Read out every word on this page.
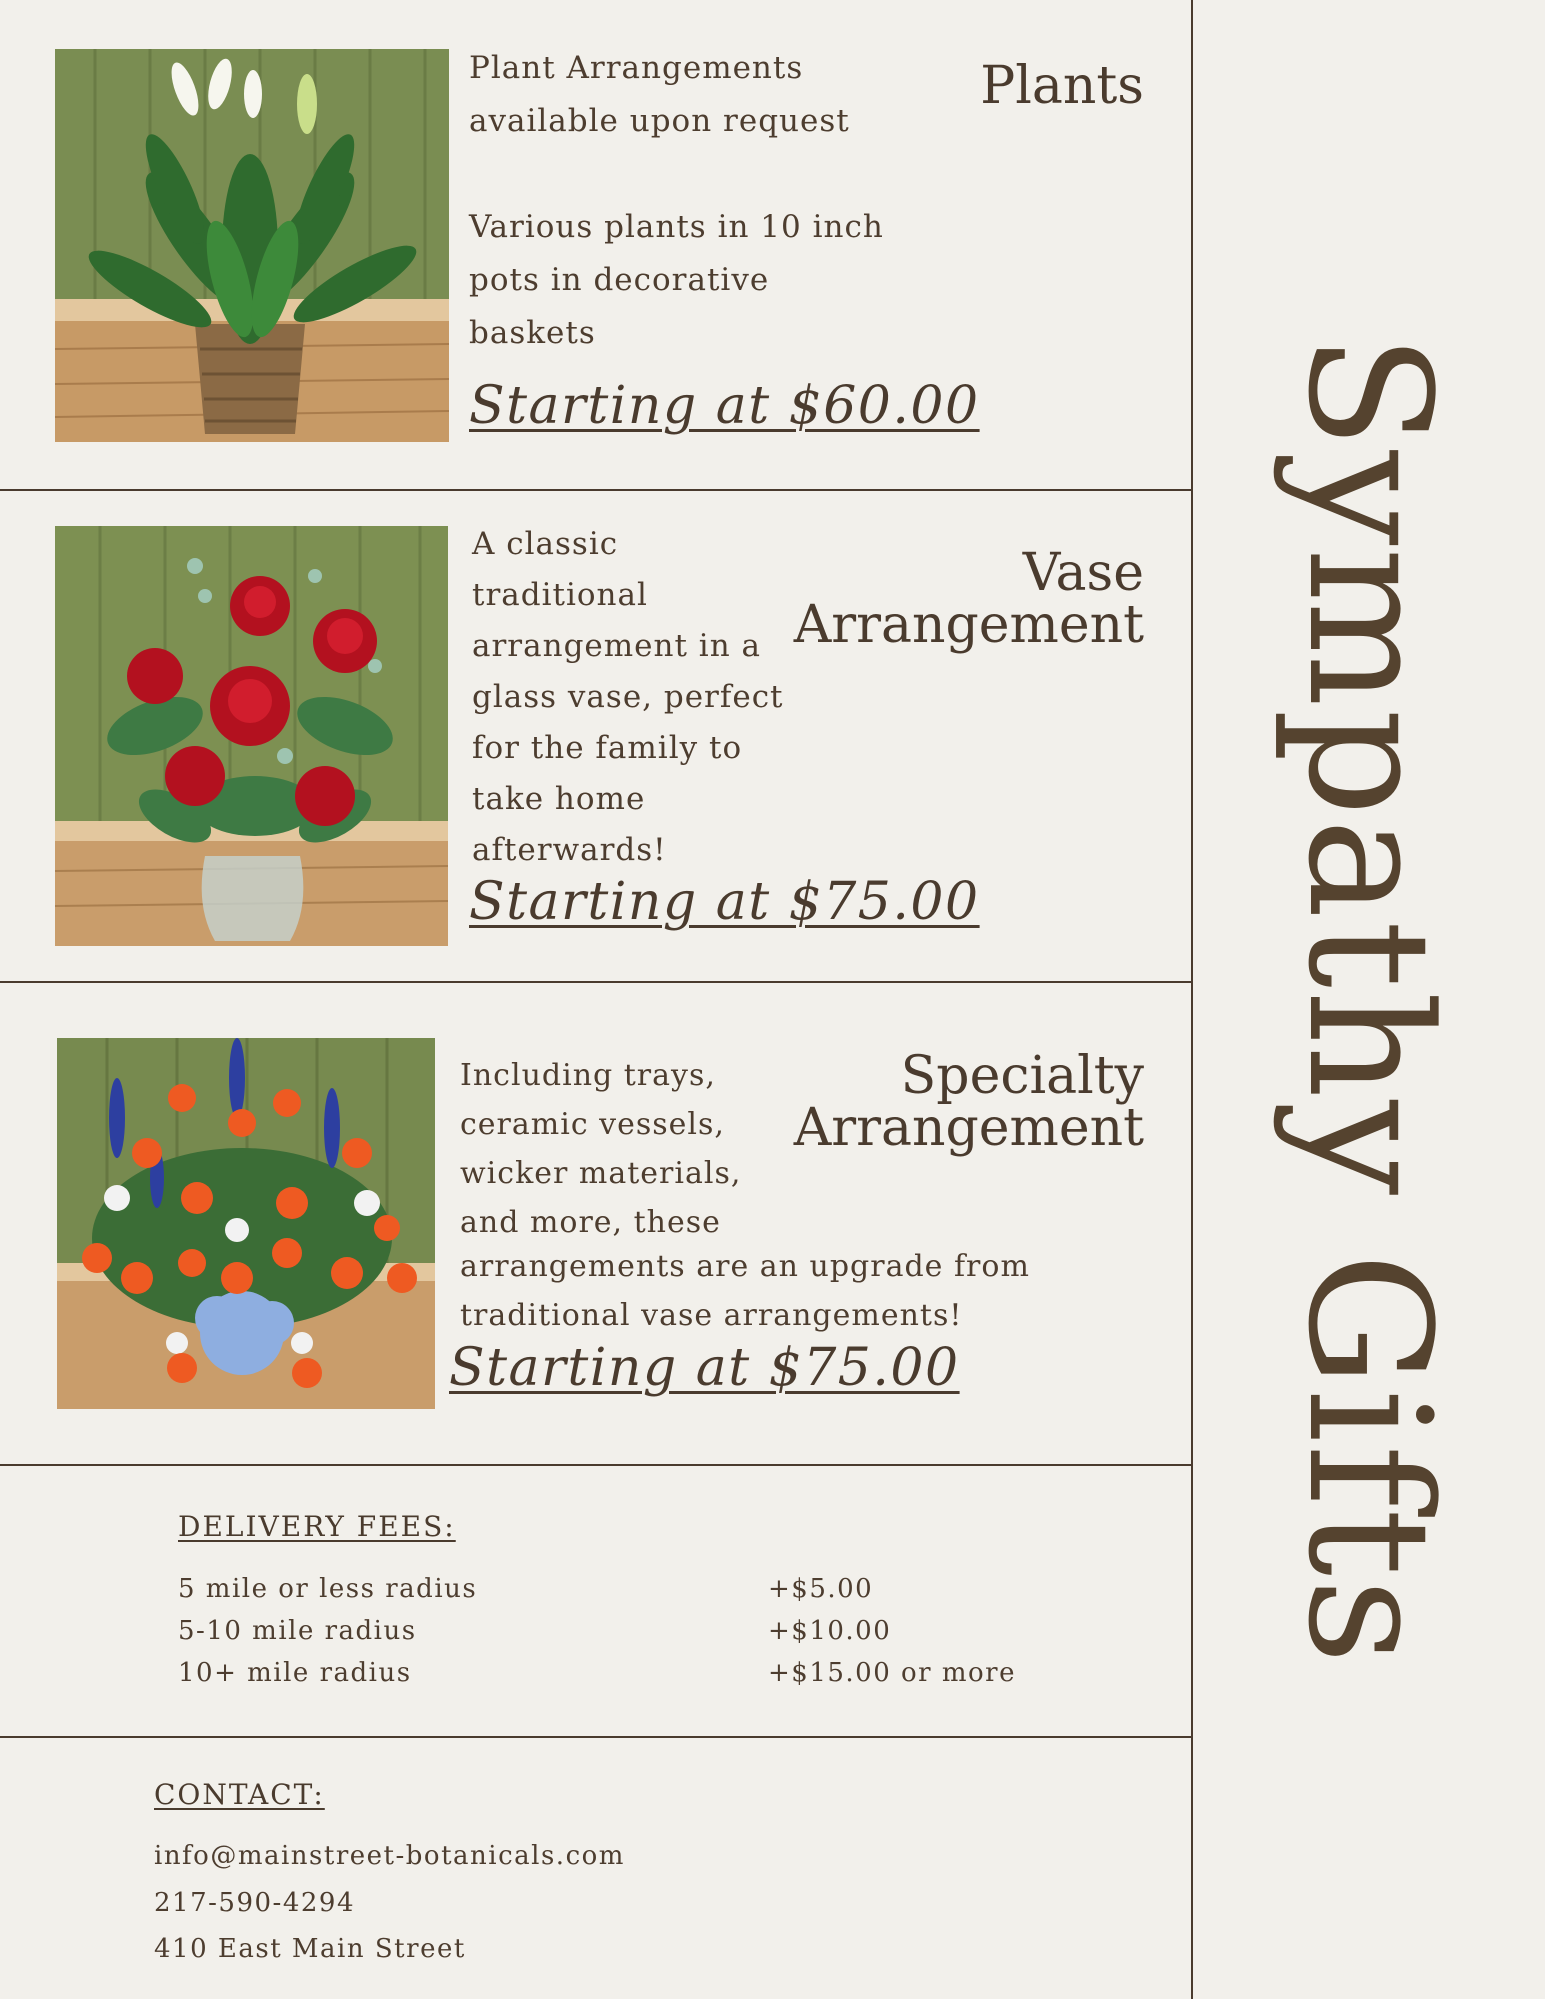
Plant Arrangements available upon request

Various plants in 10 inch pots in decorative baskets

Plants
Starting at $60.00
A classic traditional arrangement in a glass vase, perfect for the family to take home afterwards!
Vase
Arrangement
Starting at $75.00
Including trays, ceramic vessels, wicker materials, and more, these
arrangements are an upgrade from traditional vase arrangements!
Specialty
Arrangement
Starting at $75.00
DELIVERY FEES:
5 mile or less radius	+$5.00
5-10 mile radius	+$10.00
10+ mile radius	+$15.00 or more
CONTACT:
info@mainstreet-botanicals.com
217-590-4294
410 East Main Street
Sympathy Gifts
